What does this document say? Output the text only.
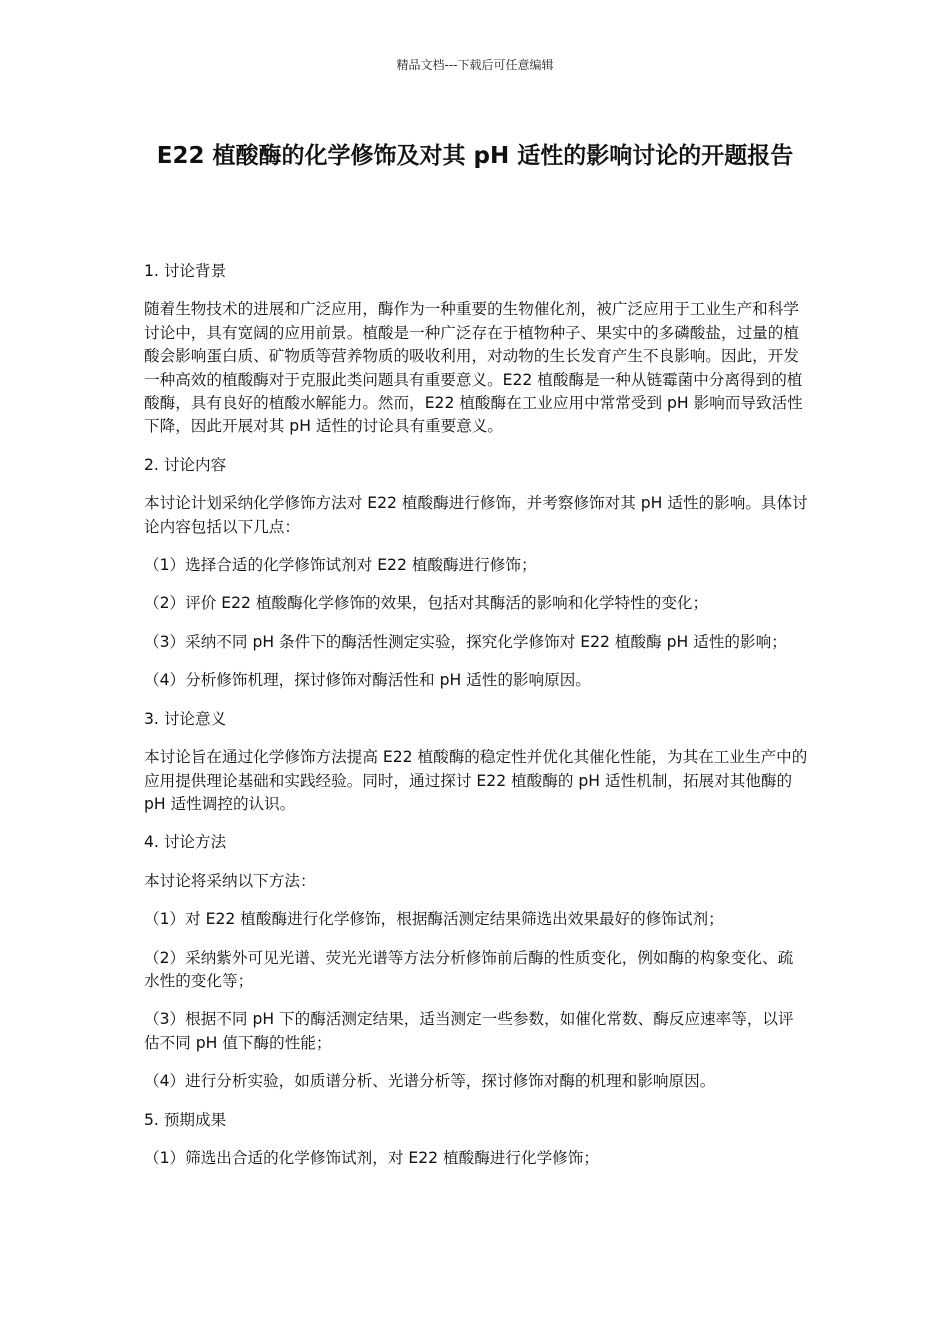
精品文档---下载后可任意编辑
E22 植酸酶的化学修饰及对其 pH 适性的影响讨论的开题报告
1. 讨论背景
随着生物技术的进展和广泛应用，酶作为一种重要的生物催化剂，被广泛应用于工业生产和科学讨论中，具有宽阔的应用前景。植酸是一种广泛存在于植物种子、果实中的多磷酸盐，过量的植酸会影响蛋白质、矿物质等营养物质的吸收利用，对动物的生长发育产生不良影响。因此，开发一种高效的植酸酶对于克服此类问题具有重要意义。E22 植酸酶是一种从链霉菌中分离得到的植酸酶，具有良好的植酸水解能力。然而，E22 植酸酶在工业应用中常常受到 pH 影响而导致活性下降，因此开展对其 pH 适性的讨论具有重要意义。
2. 讨论内容
本讨论计划采纳化学修饰方法对 E22 植酸酶进行修饰，并考察修饰对其 pH 适性的影响。具体讨论内容包括以下几点：
（1）选择合适的化学修饰试剂对 E22 植酸酶进行修饰；
（2）评价 E22 植酸酶化学修饰的效果，包括对其酶活的影响和化学特性的变化；
（3）采纳不同 pH 条件下的酶活性测定实验，探究化学修饰对 E22 植酸酶 pH 适性的影响；
（4）分析修饰机理，探讨修饰对酶活性和 pH 适性的影响原因。
3. 讨论意义
本讨论旨在通过化学修饰方法提高 E22 植酸酶的稳定性并优化其催化性能，为其在工业生产中的应用提供理论基础和实践经验。同时，通过探讨 E22 植酸酶的 pH 适性机制，拓展对其他酶的 pH 适性调控的认识。
4. 讨论方法
本讨论将采纳以下方法：
（1）对 E22 植酸酶进行化学修饰，根据酶活测定结果筛选出效果最好的修饰试剂；
（2）采纳紫外可见光谱、荧光光谱等方法分析修饰前后酶的性质变化，例如酶的构象变化、疏水性的变化等；
（3）根据不同 pH 下的酶活测定结果，适当测定一些参数，如催化常数、酶反应速率等，以评估不同 pH 值下酶的性能；
（4）进行分析实验，如质谱分析、光谱分析等，探讨修饰对酶的机理和影响原因。
5. 预期成果
（1）筛选出合适的化学修饰试剂，对 E22 植酸酶进行化学修饰；
